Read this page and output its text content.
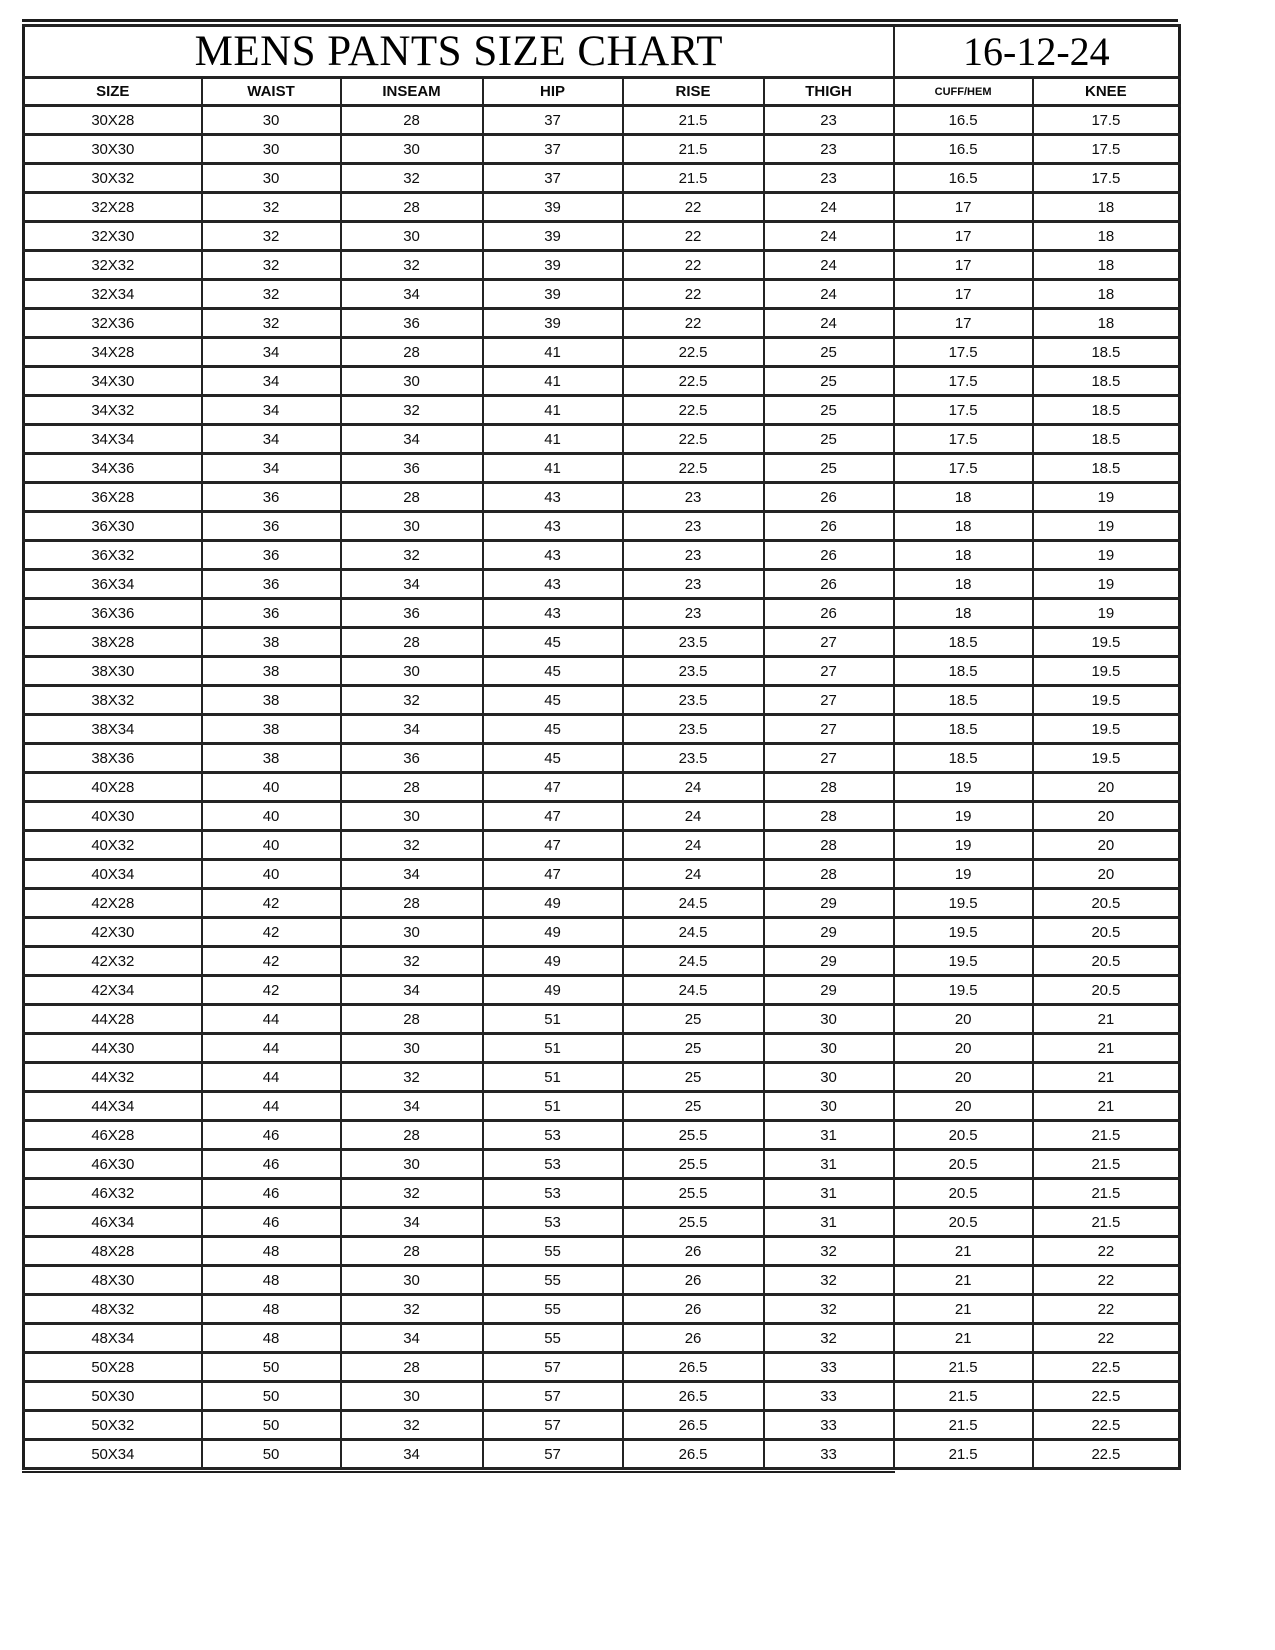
MENS PANTS SIZE CHART						16-12-24	
SIZE	WAIST	INSEAM	HIP	RISE	THIGH	CUFF/HEM	KNEE
30X28	30	28	37	21.5	23	16.5	17.5
30X30	30	30	37	21.5	23	16.5	17.5
30X32	30	32	37	21.5	23	16.5	17.5
32X28	32	28	39	22	24	17	18
32X30	32	30	39	22	24	17	18
32X32	32	32	39	22	24	17	18
32X34	32	34	39	22	24	17	18
32X36	32	36	39	22	24	17	18
34X28	34	28	41	22.5	25	17.5	18.5
34X30	34	30	41	22.5	25	17.5	18.5
34X32	34	32	41	22.5	25	17.5	18.5
34X34	34	34	41	22.5	25	17.5	18.5
34X36	34	36	41	22.5	25	17.5	18.5
36X28	36	28	43	23	26	18	19
36X30	36	30	43	23	26	18	19
36X32	36	32	43	23	26	18	19
36X34	36	34	43	23	26	18	19
36X36	36	36	43	23	26	18	19
38X28	38	28	45	23.5	27	18.5	19.5
38X30	38	30	45	23.5	27	18.5	19.5
38X32	38	32	45	23.5	27	18.5	19.5
38X34	38	34	45	23.5	27	18.5	19.5
38X36	38	36	45	23.5	27	18.5	19.5
40X28	40	28	47	24	28	19	20
40X30	40	30	47	24	28	19	20
40X32	40	32	47	24	28	19	20
40X34	40	34	47	24	28	19	20
42X28	42	28	49	24.5	29	19.5	20.5
42X30	42	30	49	24.5	29	19.5	20.5
42X32	42	32	49	24.5	29	19.5	20.5
42X34	42	34	49	24.5	29	19.5	20.5
44X28	44	28	51	25	30	20	21
44X30	44	30	51	25	30	20	21
44X32	44	32	51	25	30	20	21
44X34	44	34	51	25	30	20	21
46X28	46	28	53	25.5	31	20.5	21.5
46X30	46	30	53	25.5	31	20.5	21.5
46X32	46	32	53	25.5	31	20.5	21.5
46X34	46	34	53	25.5	31	20.5	21.5
48X28	48	28	55	26	32	21	22
48X30	48	30	55	26	32	21	22
48X32	48	32	55	26	32	21	22
48X34	48	34	55	26	32	21	22
50X28	50	28	57	26.5	33	21.5	22.5
50X30	50	30	57	26.5	33	21.5	22.5
50X32	50	32	57	26.5	33	21.5	22.5
50X34	50	34	57	26.5	33	21.5	22.5
